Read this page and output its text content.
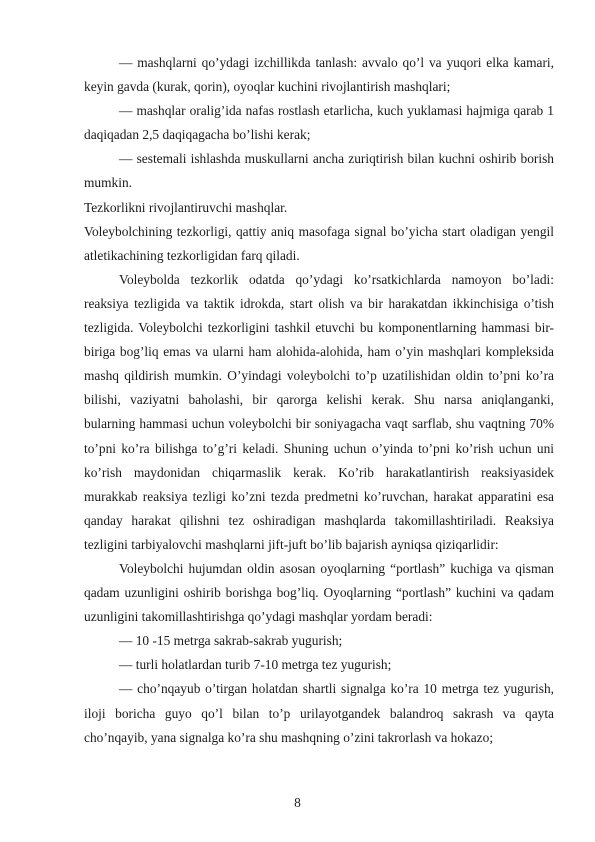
— mashqlarni qo’ydagi izchillikda tanlash: avvalo qo’l va yuqori elka kamari, keyin gavda (kurak, qorin), oyoqlar kuchini rivojlantirish mashqlari;

— mashqlar oralig’ida nafas rostlash etarlicha, kuch yuklamasi hajmiga qarab 1 daqiqadan 2,5 daqiqagacha bo’lishi kerak;

— sestemali ishlashda muskullarni ancha zuriqtirish bilan kuchni oshirib borish mumkin.

Tezkorlikni rivojlantiruvchi mashqlar.

Voleybolchining tezkorligi, qattiy aniq masofaga signal bo’yicha start oladigan yengil atletikachining tezkorligidan farq qiladi.

Voleybolda tezkorlik odatda qo’ydagi ko’rsatkichlarda namoyon bo’ladi: reaksiya tezligida va taktik idrokda, start olish va bir harakatdan ikkinchisiga o’tish tezligida. Voleybolchi tezkorligini tashkil etuvchi bu komponentlarning hammasi bir- biriga bog’liq emas va ularni ham alohida-alohida, ham o’yin mashqlari kompleksida mashq qildirish mumkin. O’yindagi voleybolchi to’p uzatilishidan oldin to’pni ko’ra bilishi, vaziyatni baholashi, bir qarorga kelishi kerak. Shu narsa aniqlanganki, bularning hammasi uchun voleybolchi bir soniyagacha vaqt sarflab, shu vaqtning 70% to’pni ko’ra bilishga to’g’ri keladi. Shuning uchun o’yinda to’pni ko’rish uchun uni ko’rish maydonidan chiqarmaslik kerak. Ko’rib harakatlantirish reaksiyasidek murakkab reaksiya tezligi ko’zni tezda predmetni ko’ruvchan, harakat apparatini esa qanday harakat qilishni tez oshiradigan mashqlarda takomillashtiriladi. Reaksiya tezligini tarbiyalovchi mashqlarni jift-juft bo’lib bajarish ayniqsa qiziqarlidir:

Voleybolchi hujumdan oldin asosan oyoqlarning “portlash” kuchiga va qisman qadam uzunligini oshirib borishga bog’liq. Oyoqlarning “portlash” kuchini va qadam uzunligini takomillashtirishga qo’ydagi mashqlar yordam beradi:

— 10 -15 metrga sakrab-sakrab yugurish;

— turli holatlardan turib 7-10 metrga tez yugurish;

— cho’nqayub o’tirgan holatdan shartli signalga ko’ra 10 metrga tez yugurish, iloji boricha guyo qo’l bilan to’p urilayotgandek balandroq sakrash va qayta cho’nqayib, yana signalga ko’ra shu mashqning o’zini takrorlash va hokazo;

8
